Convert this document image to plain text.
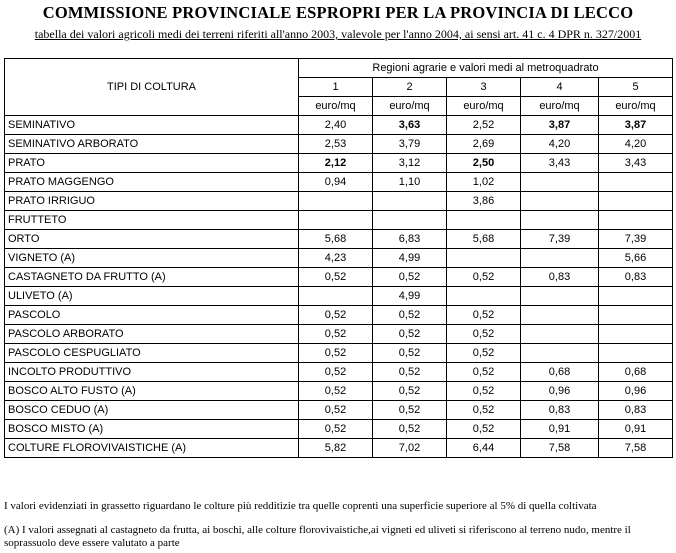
COMMISSIONE PROVINCIALE ESPROPRI PER LA PROVINCIA DI LECCO
tabella dei valori agricoli medi dei terreni riferiti all'anno 2003, valevole per l'anno 2004, ai sensi art. 41 c. 4 DPR n. 327/2001
TIPI DI COLTURA	Regioni agrarie e valori medi al metroquadrato				
	1	2	3	4	5
	euro/mq	euro/mq	euro/mq	euro/mq	euro/mq
SEMINATIVO	2,40	3,63	2,52	3,87	3,87
SEMINATIVO ARBORATO	2,53	3,79	2,69	4,20	4,20
PRATO	2,12	3,12	2,50	3,43	3,43
PRATO MAGGENGO	0,94	1,10	1,02		
PRATO IRRIGUO			3,86		
FRUTTETO					
ORTO	5,68	6,83	5,68	7,39	7,39
VIGNETO (A)	4,23	4,99			5,66
CASTAGNETO DA FRUTTO (A)	0,52	0,52	0,52	0,83	0,83
ULIVETO (A)		4,99			
PASCOLO	0,52	0,52	0,52		
PASCOLO ARBORATO	0,52	0,52	0,52		
PASCOLO CESPUGLIATO	0,52	0,52	0,52		
INCOLTO PRODUTTIVO	0,52	0,52	0,52	0,68	0,68
BOSCO ALTO FUSTO (A)	0,52	0,52	0,52	0,96	0,96
BOSCO CEDUO (A)	0,52	0,52	0,52	0,83	0,83
BOSCO MISTO (A)	0,52	0,52	0,52	0,91	0,91
COLTURE FLOROVIVAISTICHE (A)	5,82	7,02	6,44	7,58	7,58
I valori evidenziati in grassetto riguardano le colture più redditizie tra quelle coprenti una superficie superiore al 5% di quella coltivata
(A) I valori assegnati al castagneto da frutta, ai boschi, alle colture florovivaistiche,ai vigneti ed uliveti si riferiscono al terreno nudo, mentre il soprassuolo deve essere valutato a parte
